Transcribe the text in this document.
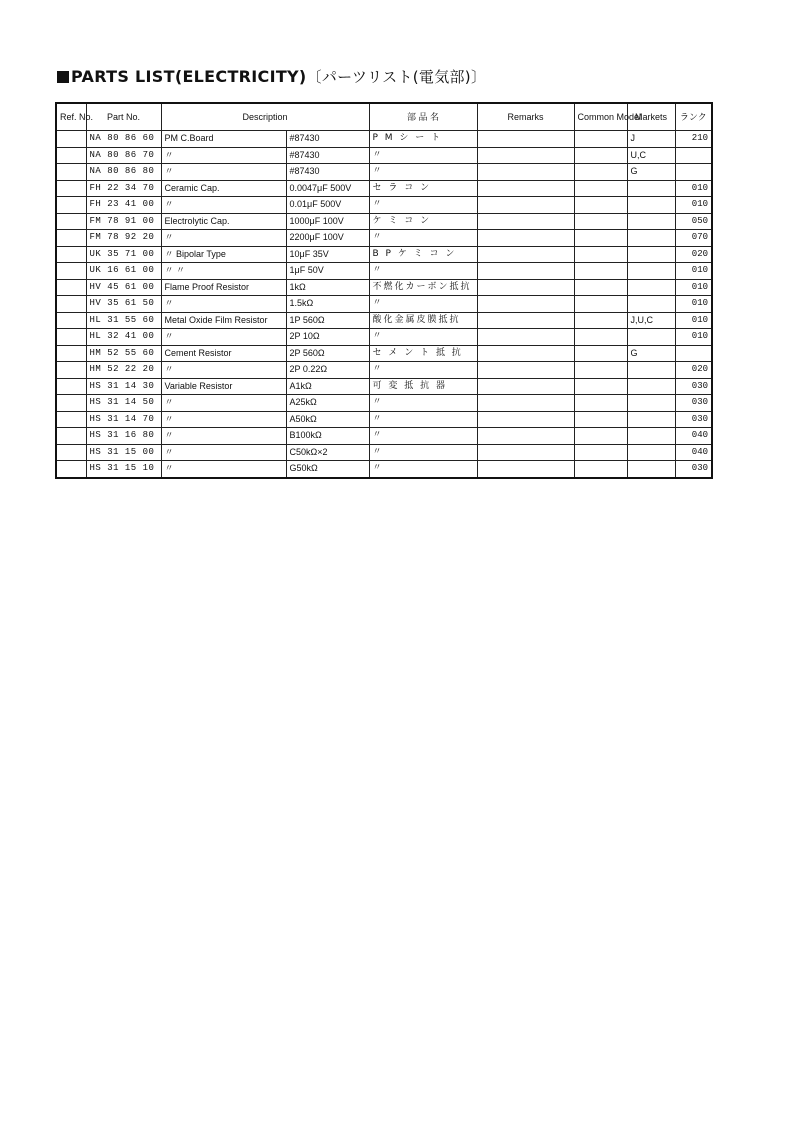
PARTS LIST(ELECTRICITY)〔パーツリスト(電気部)〕
Ref. No.	Part No.	Description		部 品 名	Remarks	Common Model	Markets	ランク
	NA 80 86 60	PM C.Board	#87430	P M シ ー ト			J	210
	NA 80 86 70	〃	#87430	〃			U,C	
	NA 80 86 80	〃	#87430	〃			G	
	FH 22 34 70	Ceramic Cap.	0.0047μF 500V	セ ラ コ ン				010
	FH 23 41 00	〃	0.01μF 500V	〃				010
	FM 78 91 00	Electrolytic Cap.	1000μF 100V	ケ ミ コ ン				050
	FM 78 92 20	〃	2200μF 100V	〃				070
	UK 35 71 00	〃 Bipolar Type	10μF 35V	B P ケ ミ コ ン				020
	UK 16 61 00	〃 〃	1μF 50V	〃				010
	HV 45 61 00	Flame Proof Resistor	1kΩ	不燃化カーボン抵抗				010
	HV 35 61 50	〃	1.5kΩ	〃				010
	HL 31 55 60	Metal Oxide Film Resistor	1P 560Ω	酸化金属皮膜抵抗			J,U,C	010
	HL 32 41 00	〃	2P 10Ω	〃				010
	HM 52 55 60	Cement Resistor	2P 560Ω	セ メ ン ト 抵 抗			G	
	HM 52 22 20	〃	2P 0.22Ω	〃				020
	HS 31 14 30	Variable Resistor	A1kΩ	可 変 抵 抗 器				030
	HS 31 14 50	〃	A25kΩ	〃				030
	HS 31 14 70	〃	A50kΩ	〃				030
	HS 31 16 80	〃	B100kΩ	〃				040
	HS 31 15 00	〃	C50kΩ×2	〃				040
	HS 31 15 10	〃	G50kΩ	〃				030
